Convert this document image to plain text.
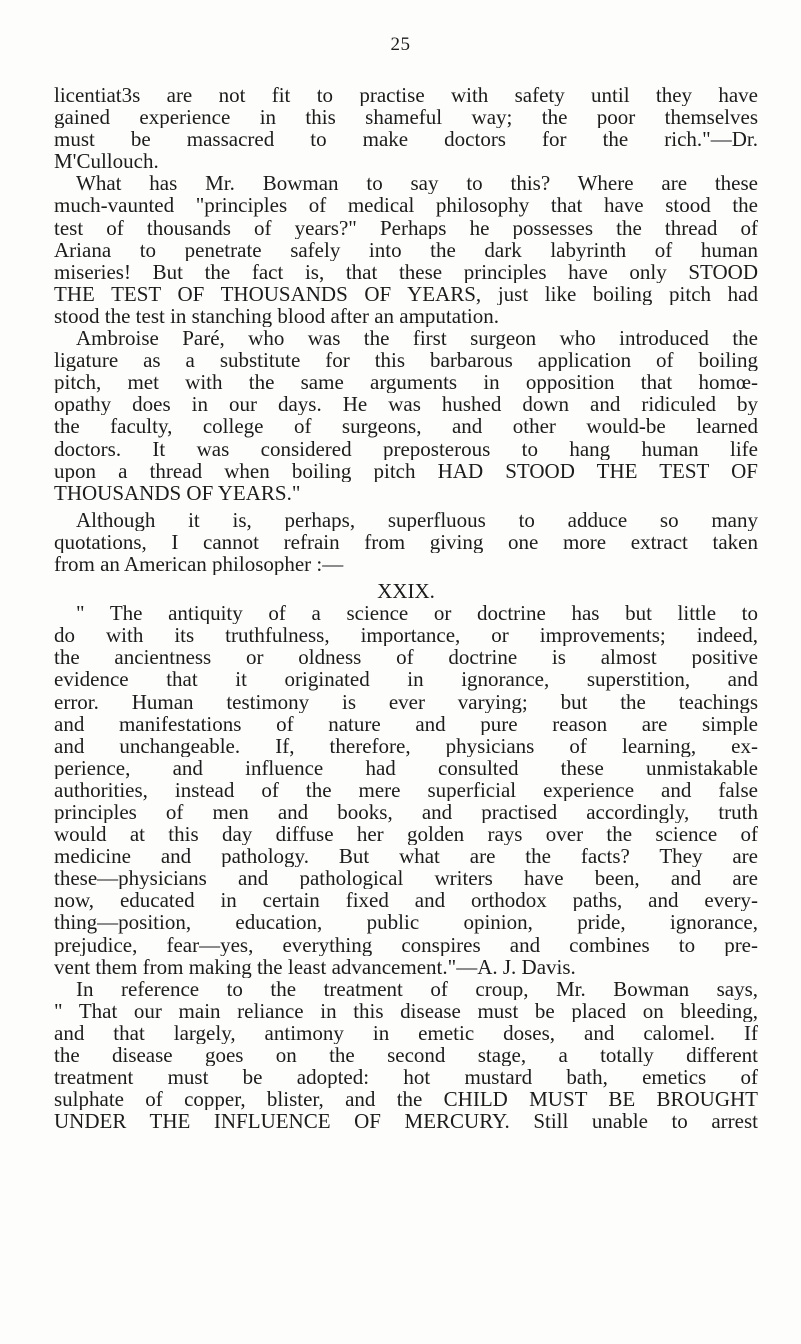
25
licentiat3s are not fit to practise with safety until they have
gained experience in this shameful way; the poor themselves
must be massacred to make doctors for the rich."—Dr.
M'Cullouch.
What has Mr. Bowman to say to this? Where are these
much-vaunted "principles of medical philosophy that have stood the
test of thousands of years?" Perhaps he possesses the thread of
Ariana to penetrate safely into the dark labyrinth of human
miseries! But the fact is, that these principles have only STOOD
THE TEST OF THOUSANDS OF YEARS, just like boiling pitch had
stood the test in stanching blood after an amputation.
Ambroise Paré, who was the first surgeon who introduced the
ligature as a substitute for this barbarous application of boiling
pitch, met with the same arguments in opposition that homœ-
opathy does in our days. He was hushed down and ridiculed by
the faculty, college of surgeons, and other would-be learned
doctors. It was considered preposterous to hang human life
upon a thread when boiling pitch HAD STOOD THE TEST OF
THOUSANDS OF YEARS."
Although it is, perhaps, superfluous to adduce so many
quotations, I cannot refrain from giving one more extract taken
from an American philosopher :—
XXIX.
" The antiquity of a science or doctrine has but little to
do with its truthfulness, importance, or improvements; indeed,
the ancientness or oldness of doctrine is almost positive
evidence that it originated in ignorance, superstition, and
error. Human testimony is ever varying; but the teachings
and manifestations of nature and pure reason are simple
and unchangeable. If, therefore, physicians of learning, ex-
perience, and influence had consulted these unmistakable
authorities, instead of the mere superficial experience and false
principles of men and books, and practised accordingly, truth
would at this day diffuse her golden rays over the science of
medicine and pathology. But what are the facts? They are
these—physicians and pathological writers have been, and are
now, educated in certain fixed and orthodox paths, and every-
thing—position, education, public opinion, pride, ignorance,
prejudice, fear—yes, everything conspires and combines to pre-
vent them from making the least advancement."—A. J. Davis.
In reference to the treatment of croup, Mr. Bowman says,
" That our main reliance in this disease must be placed on bleeding,
and that largely, antimony in emetic doses, and calomel. If
the disease goes on the second stage, a totally different
treatment must be adopted: hot mustard bath, emetics of
sulphate of copper, blister, and the CHILD MUST BE BROUGHT
UNDER THE INFLUENCE OF MERCURY. Still unable to arrest
